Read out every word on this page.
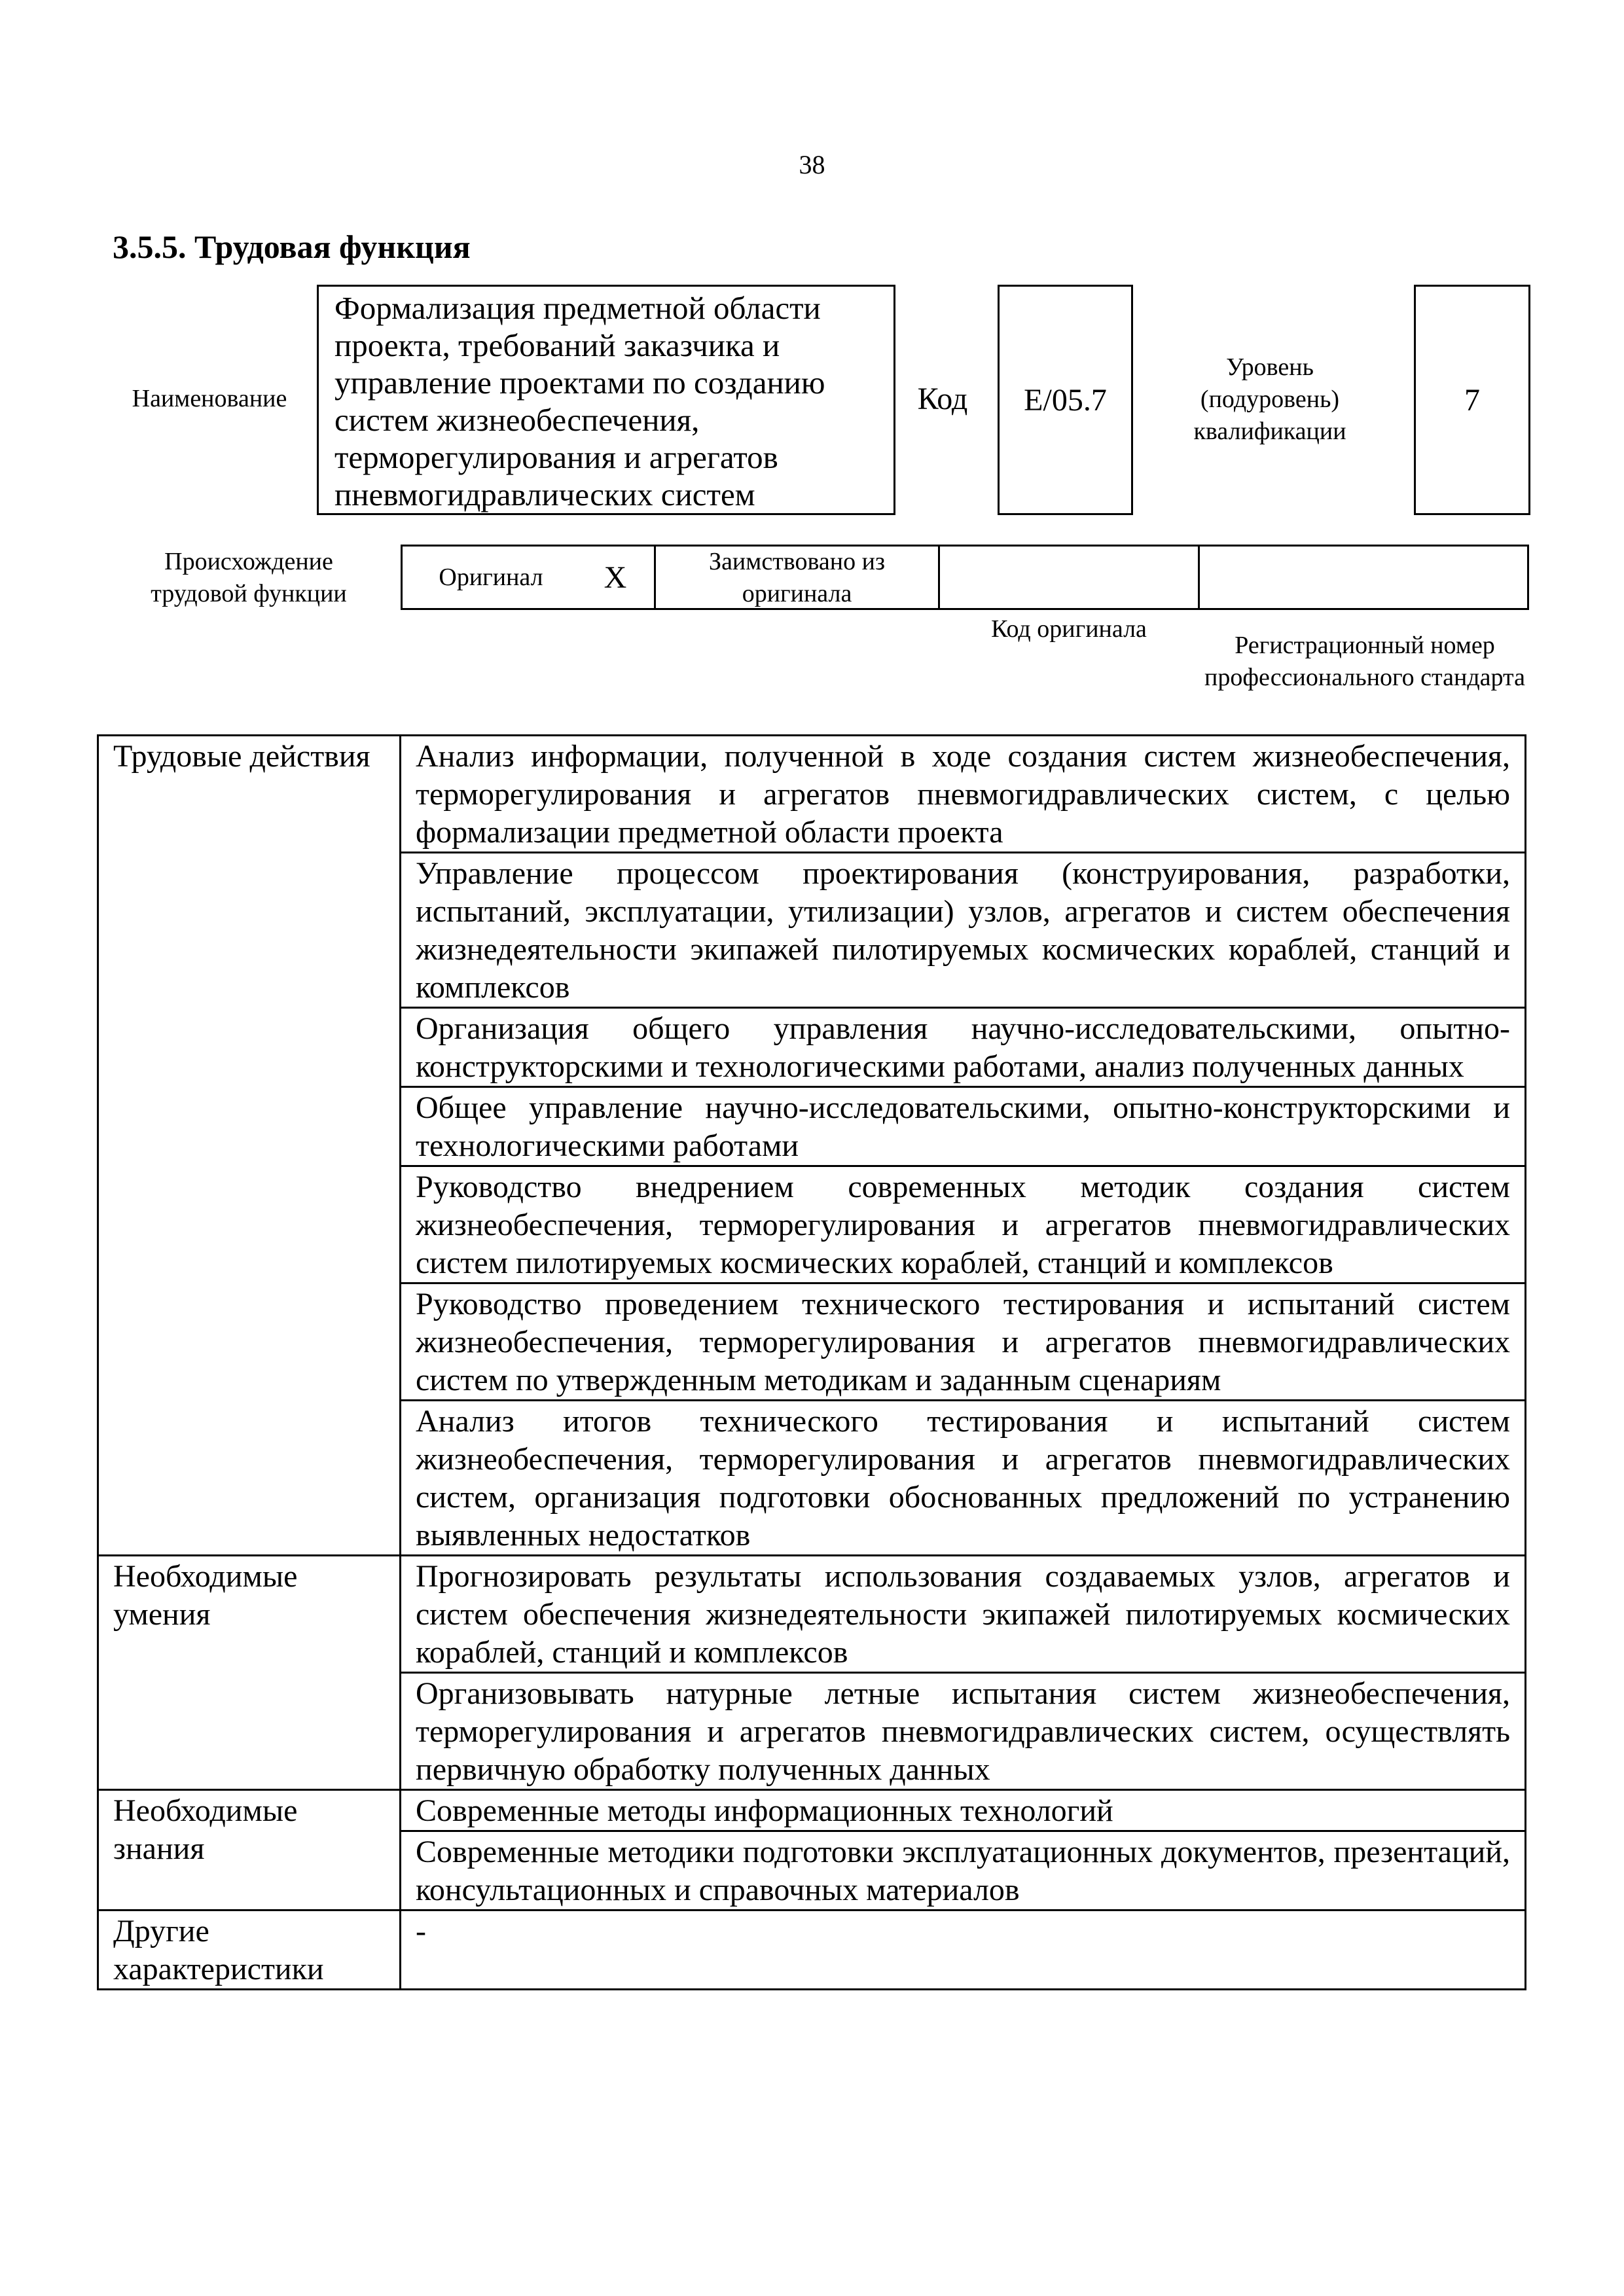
38
3.5.5. Трудовая функция
Наименование
Формализация предметной области проекта, требований заказчика и управление проектами по созданию систем жизнеобеспечения, терморегулирования и агрегатов пневмогидравлических систем
Код	E/05.7
Уровень (подуровень) квалификации
7
Происхождение трудовой функции
Оригинал	X	Заимствовано из оригинала
Код оригинала
Регистрационный номер профессионального стандарта
Трудовые действия	Анализ информации, полученной в ходе создания систем жизнеобеспечения, терморегулирования и агрегатов пневмогидравлических систем, с целью формализации предметной области проекта
	Управление процессом проектирования (конструирования, разработки, испытаний, эксплуатации, утилизации) узлов, агрегатов и систем обеспечения жизнедеятельности экипажей пилотируемых космических кораблей, станций и комплексов
	Организация общего управления научно-исследовательскими, опытно-конструкторскими и технологическими работами, анализ полученных данных
	Общее управление научно-исследовательскими, опытно-конструкторскими и технологическими работами
	Руководство внедрением современных методик создания систем жизнеобеспечения, терморегулирования и агрегатов пневмогидравлических систем пилотируемых космических кораблей, станций и комплексов
	Руководство проведением технического тестирования и испытаний систем жизнеобеспечения, терморегулирования и агрегатов пневмогидравлических систем по утвержденным методикам и заданным сценариям
	Анализ итогов технического тестирования и испытаний систем жизнеобеспечения, терморегулирования и агрегатов пневмогидравлических систем, организация подготовки обоснованных предложений по устранению выявленных недостатков
Необходимые умения	Прогнозировать результаты использования создаваемых узлов, агрегатов и систем обеспечения жизнедеятельности экипажей пилотируемых космических кораблей, станций и комплексов
	Организовывать натурные летные испытания систем жизнеобеспечения, терморегулирования и агрегатов пневмогидравлических систем, осуществлять первичную обработку полученных данных
Необходимые знания	Современные методы информационных технологий
	Современные методики подготовки эксплуатационных документов, презентаций, консультационных и справочных материалов
Другие характеристики	-
